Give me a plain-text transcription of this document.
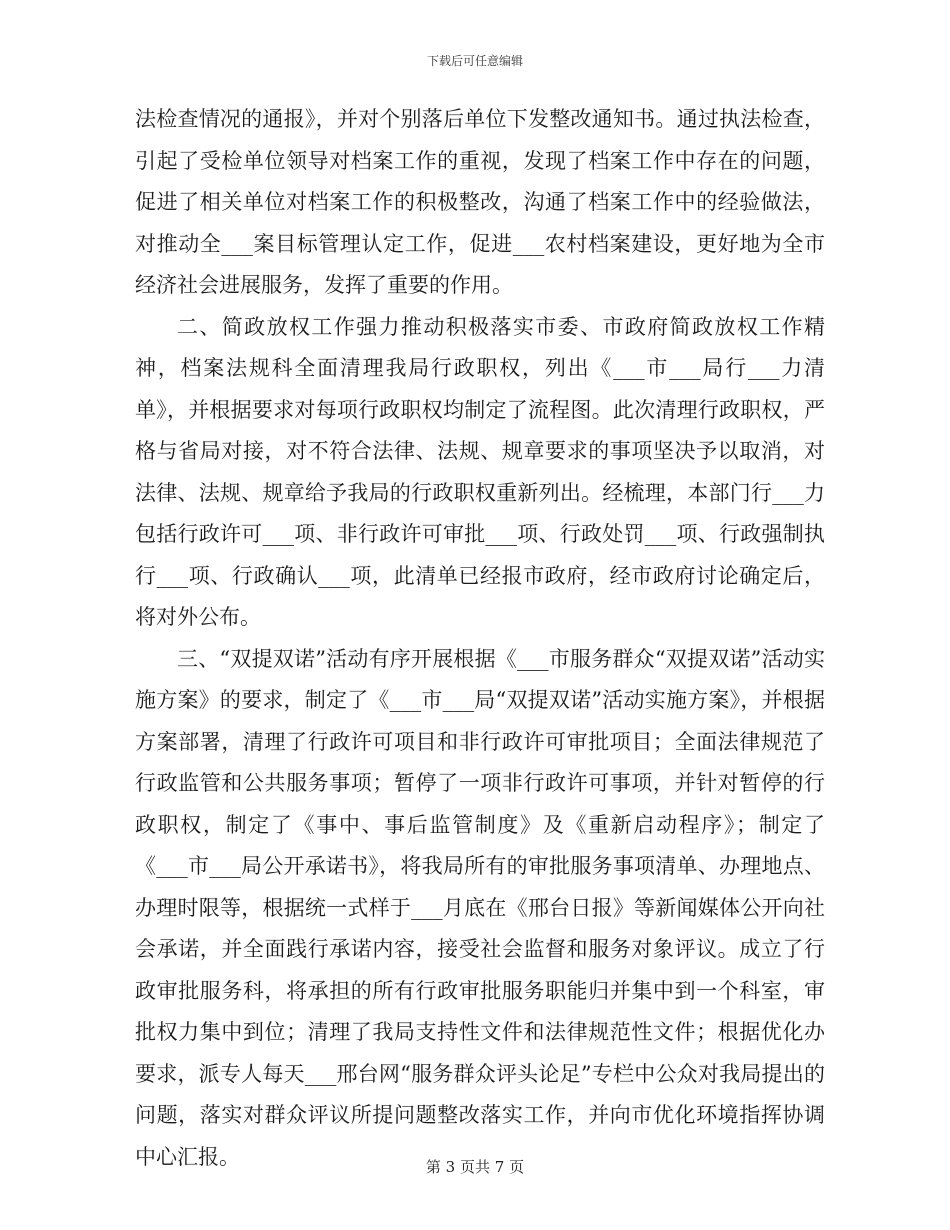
下载后可任意编辑

法检查情况的通报》，并对个别落后单位下发整改通知书。通过执法检查，引起了受检单位领导对档案工作的重视，发现了档案工作中存在的问题，促进了相关单位对档案工作的积极整改，沟通了档案工作中的经验做法，对推动全___案目标管理认定工作，促进___农村档案建设，更好地为全市经济社会进展服务，发挥了重要的作用。

二、简政放权工作强力推动积极落实市委、市政府简政放权工作精神，档案法规科全面清理我局行政职权，列出《___市___局行___力清单》，并根据要求对每项行政职权均制定了流程图。此次清理行政职权，严格与省局对接，对不符合法律、法规、规章要求的事项坚决予以取消，对法律、法规、规章给予我局的行政职权重新列出。经梳理，本部门行___力包括行政许可___项、非行政许可审批___项、行政处罚___项、行政强制执行___项、行政确认___项，此清单已经报市政府，经市政府讨论确定后，将对外公布。

三、“双提双诺”活动有序开展根据《___市服务群众“双提双诺”活动实施方案》的要求，制定了《___市___局“双提双诺”活动实施方案》，并根据方案部署，清理了行政许可项目和非行政许可审批项目；全面法律规范了行政监管和公共服务事项；暂停了一项非行政许可事项，并针对暂停的行政职权，制定了《事中、事后监管制度》及《重新启动程序》；制定了《___市___局公开承诺书》，将我局所有的审批服务事项清单、办理地点、办理时限等，根据统一式样于___月底在《邢台日报》等新闻媒体公开向社会承诺，并全面践行承诺内容，接受社会监督和服务对象评议。成立了行政审批服务科，将承担的所有行政审批服务职能归并集中到一个科室，审批权力集中到位；清理了我局支持性文件和法律规范性文件；根据优化办要求，派专人每天___邢台网“服务群众评头论足”专栏中公众对我局提出的问题，落实对群众评议所提问题整改落实工作，并向市优化环境指挥协调中心汇报。	第 3 页共 7 页
